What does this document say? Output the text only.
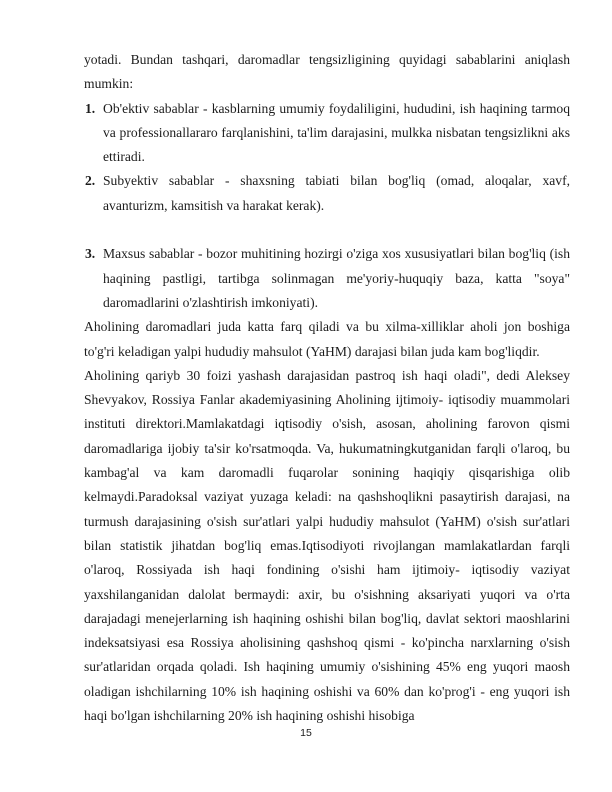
yotadi. Bundan tashqari, daromadlar tengsizligining quyidagi sabablarini aniqlash mumkin:

1. Ob'ektiv sabablar - kasblarning umumiy foydaliligini, hududini, ish haqining tarmoq va professionallararo farqlanishini, ta'lim darajasini, mulkka nisbatan tengsizlikni aks ettiradi.
2. Subyektiv sabablar - shaxsning tabiati bilan bog'liq (omad, aloqalar, xavf, avanturizm, kamsitish va harakat kerak).
3. Maxsus sabablar - bozor muhitining hozirgi o'ziga xos xususiyatlari bilan bog'liq (ish haqining pastligi, tartibga solinmagan me'yoriy-huquqiy baza, katta "soya" daromadlarini o'zlashtirish imkoniyati).

Aholining daromadlari juda katta farq qiladi va bu xilma-xilliklar aholi jon boshiga to'g'ri keladigan yalpi hududiy mahsulot (YaHM) darajasi bilan juda kam bog'liqdir.

Aholining qariyb 30 foizi yashash darajasidan pastroq ish haqi oladi", dedi Aleksey Shevyakov, Rossiya Fanlar akademiyasining Aholining ijtimoiy- iqtisodiy muammolari instituti direktori.Mamlakatdagi iqtisodiy o'sish, asosan, aholining farovon qismi daromadlariga ijobiy ta'sir ko'rsatmoqda. Va, hukumatningkutganidan farqli o'laroq, bu kambag'al va kam daromadli fuqarolar sonining haqiqiy qisqarishiga olib kelmaydi.Paradoksal vaziyat yuzaga keladi: na qashshoqlikni pasaytirish darajasi, na turmush darajasining o'sish sur'atlari yalpi hududiy mahsulot (YaHM) o'sish sur'atlari bilan statistik jihatdan bog'liq emas.Iqtisodiyoti rivojlangan mamlakatlardan farqli o'laroq, Rossiyada ish haqi fondining o'sishi ham ijtimoiy- iqtisodiy vaziyat yaxshilanganidan dalolat bermaydi: axir, bu o'sishning aksariyati yuqori va o'rta darajadagi menejerlarning ish haqining oshishi bilan bog'liq, davlat sektori maoshlarini indeksatsiyasi esa Rossiya aholisining qashshoq qismi - ko'pincha narxlarning o'sish sur'atlaridan orqada qoladi. Ish haqining umumiy o'sishining 45% eng yuqori maosh oladigan ishchilarning 10% ish haqining oshishi va 60% dan ko'prog'i - eng yuqori ish haqi bo'lgan ishchilarning 20% ish haqining oshishi hisobiga

15
